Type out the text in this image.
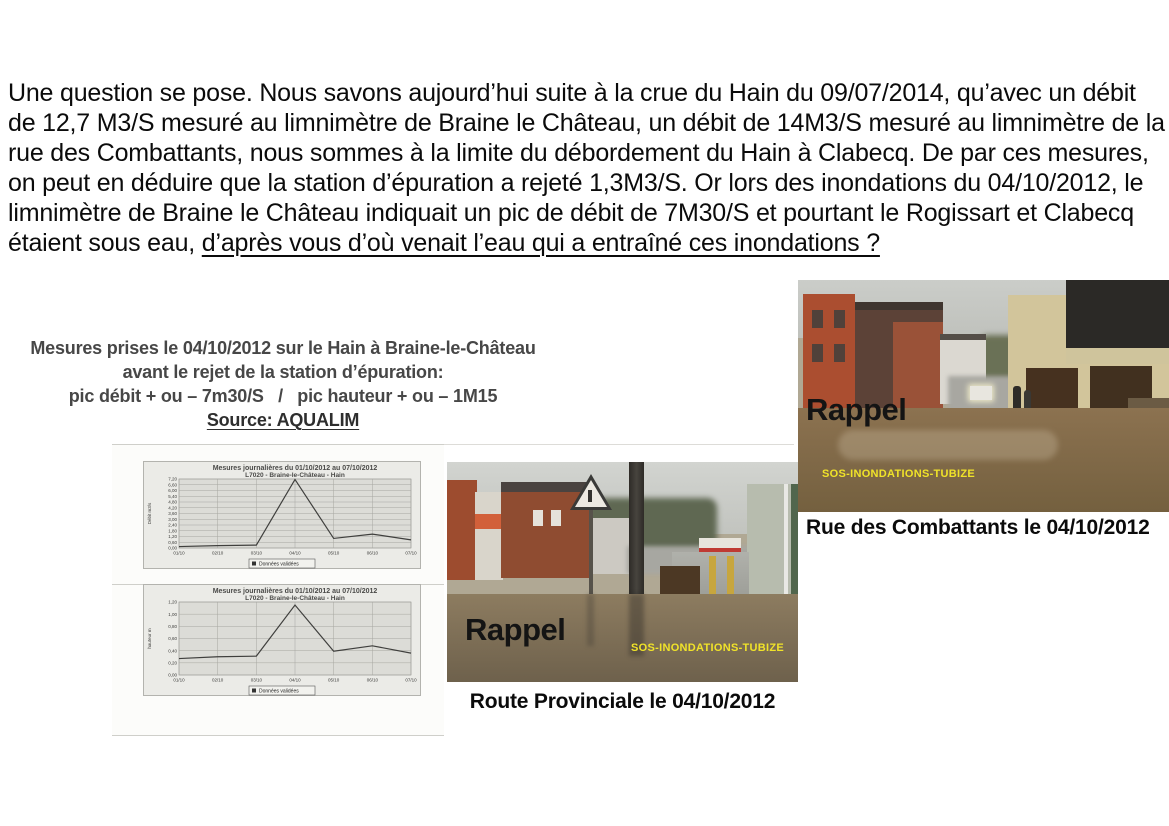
Une question se pose. Nous savons aujourd’hui suite à la crue du Hain du 09/07/2014, qu’avec un débit de 12,7 M3/S mesuré au limnimètre de Braine le Château, un débit de 14M3/S mesuré au limnimètre de la rue des Combattants, nous sommes à la limite du débordement du Hain à Clabecq. De par ces mesures, on peut en déduire que la station d’épuration a rejeté 1,3M3/S. Or lors des inondations du 04/10/2012, le limnimètre de Braine le Château indiquait un pic de débit de 7M30/S et pourtant le Rogissart et Clabecq étaient sous eau, d’après vous d’où venait l’eau qui a entraîné ces inondations ?
Mesures prises le 04/10/2012 sur le Hain à Braine-le-Château
avant le rejet de la station d’épuration:
pic débit + ou – 7m30/S   /   pic hauteur + ou – 1M15
Source: AQUALIM
Mesures journalières du 01/10/2012 au 07/10/2012
L7020 - Braine-le-Château - Hain
0,00
0,60
1,20
1,80
2,40
3,00
3,60
4,20
4,80
5,40
6,00
6,60
7,20
01/10	02/10	03/10	04/10	05/10	06/10	07/10
Débit m3/s
Données validées
Mesures journalières du 01/10/2012 au 07/10/2012
L7020 - Braine-le-Château - Hain
0,00
0,20
0,40
0,60
0,80
1,00
1,20
01/10	02/10	03/10	04/10	05/10	06/10	07/10
hauteur m
Données validées
Rappel
SOS-INONDATIONS-TUBIZE
Route Provinciale le 04/10/2012
Rappel
SOS-INONDATIONS-TUBIZE
Rue des Combattants le 04/10/2012
